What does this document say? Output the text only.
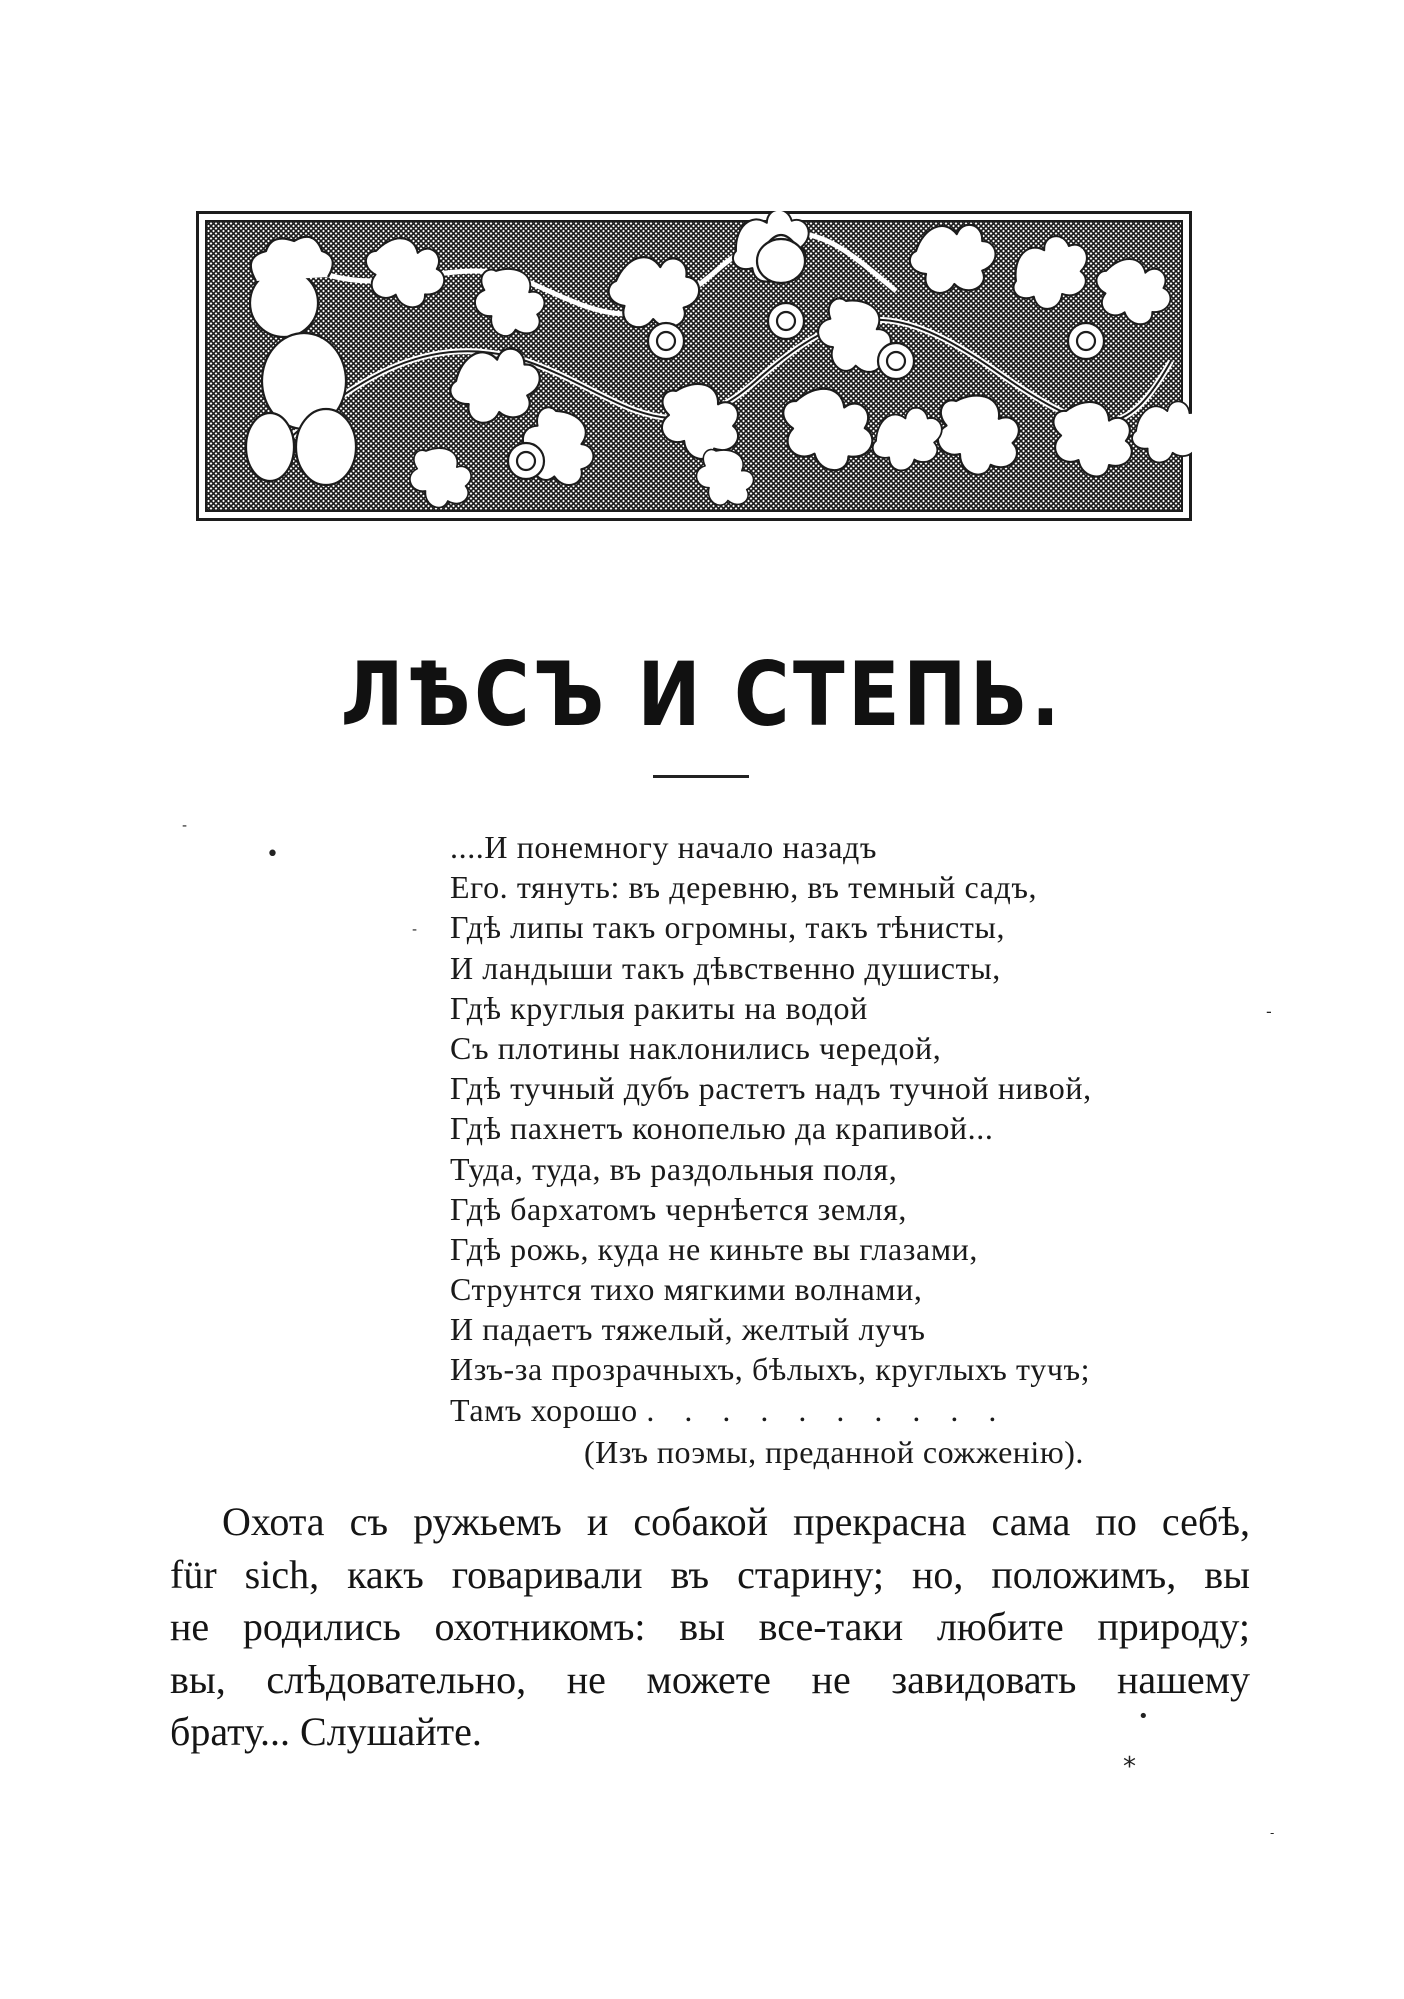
ЛѢСЪ И СТЕПЬ.
....И понемногу начало назадъ
Его. тянуть: въ деревню, въ темный садъ,
Гдѣ липы такъ огромны, такъ тѣнисты,
И ландыши такъ дѣвственно душисты,
Гдѣ круглыя ракиты на водой
Съ плотины наклонились чередой,
Гдѣ тучный дубъ растетъ надъ тучной нивой,
Гдѣ пахнетъ конопелью да крапивой...
Туда, туда, въ раздольныя поля,
Гдѣ бархатомъ чернѣется земля,
Гдѣ рожь, куда не киньте вы глазами,
Струнтся тихо мягкими волнами,
И падаетъ тяжелый, желтый лучъ
Изъ-за прозрачныхъ, бѣлыхъ, круглыхъ тучъ;
Тамъ хорошо . . . . . . . . . .
(Изъ поэмы, преданной сожженію).
Охота съ ружьемъ и собакой прекрасна сама по себѣ,
für sich, какъ говаривали въ старину; но, положимъ, вы
не родились охотникомъ: вы все-таки любите природу;
вы, слѣдовательно, не можете не завидовать нашему
брату... Слушайте.
-
•
-
-
•
*
-
